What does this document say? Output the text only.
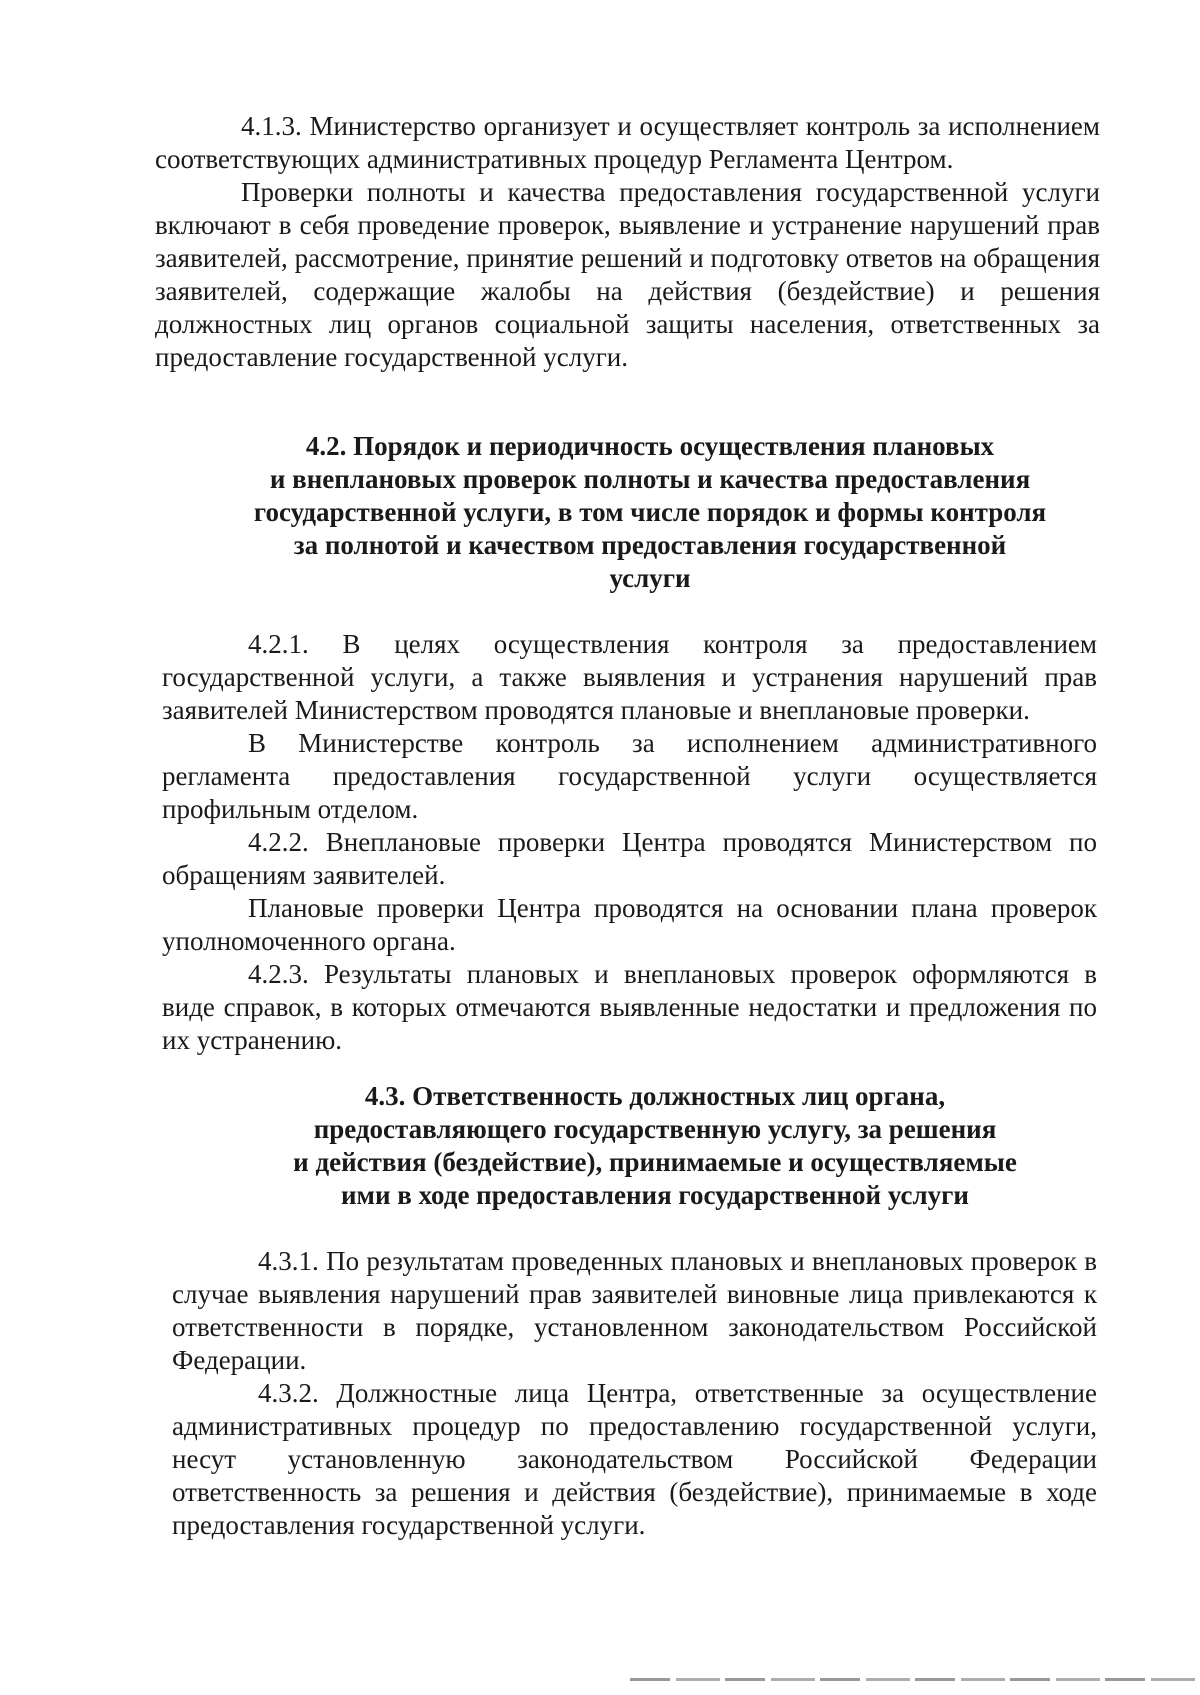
4.1.3. Министерство организует и осуществляет контроль за исполнением соответствующих административных процедур Регламента Центром.

Проверки полноты и качества предоставления государственной услуги включают в себя проведение проверок, выявление и устранение нарушений прав заявителей, рассмотрение, принятие решений и подготовку ответов на обращения заявителей, содержащие жалобы на действия (бездействие) и решения должностных лиц органов социальной защиты населения, ответственных за предоставление государственной услуги.

4.2. Порядок и периодичность осуществления плановых
и внеплановых проверок полноты и качества предоставления
государственной услуги, в том числе порядок и формы контроля
за полнотой и качеством предоставления государственной
услуги

4.2.1. В целях осуществления контроля за предоставлением государственной услуги, а также выявления и устранения нарушений прав заявителей Министерством проводятся плановые и внеплановые проверки.

В Министерстве контроль за исполнением административного регламента предоставления государственной услуги осуществляется профильным отделом.

4.2.2. Внеплановые проверки Центра проводятся Министерством по обращениям заявителей.

Плановые проверки Центра проводятся на основании плана проверок уполномоченного органа.

4.2.3. Результаты плановых и внеплановых проверок оформляются в виде справок, в которых отмечаются выявленные недостатки и предложения по их устранению.

4.3. Ответственность должностных лиц органа,
предоставляющего государственную услугу, за решения
и действия (бездействие), принимаемые и осуществляемые
ими в ходе предоставления государственной услуги

4.3.1. По результатам проведенных плановых и внеплановых проверок в случае выявления нарушений прав заявителей виновные лица привлекаются к ответственности в порядке, установленном законодательством Российской Федерации.

4.3.2. Должностные лица Центра, ответственные за осуществление административных процедур по предоставлению государственной услуги, несут установленную законодательством Российской Федерации ответственность за решения и действия (бездействие), принимаемые в ходе предоставления государственной услуги.
